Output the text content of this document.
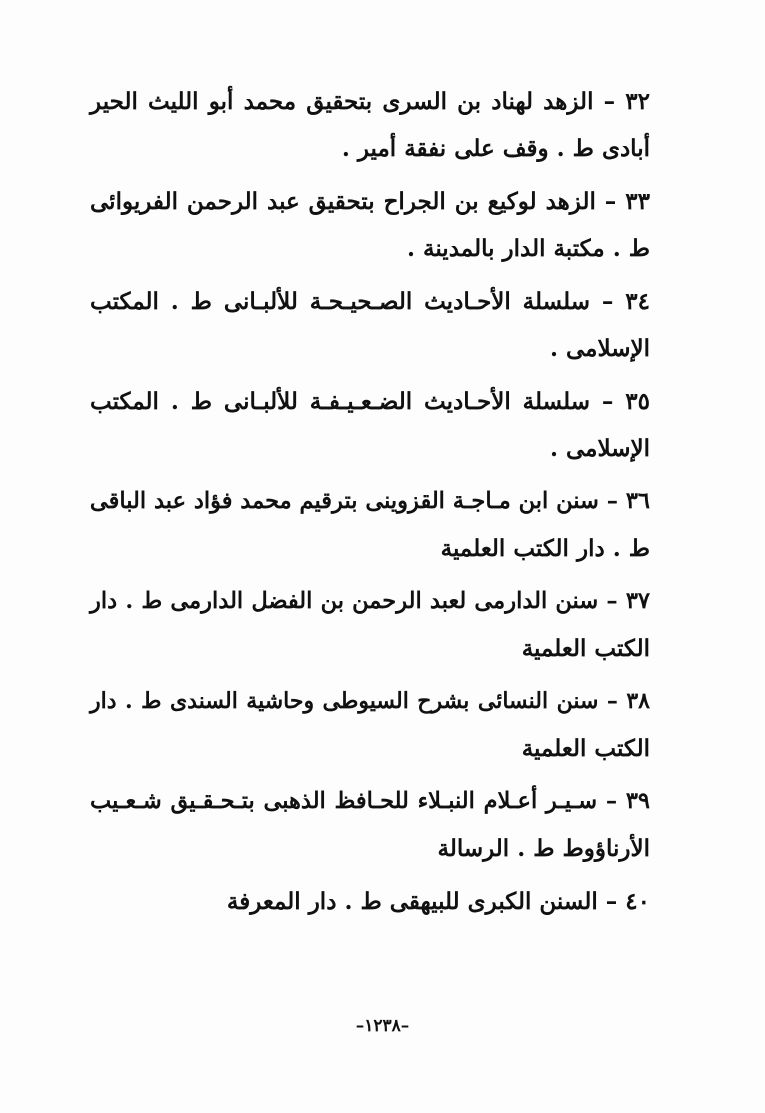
٣٢ – الزهد لهناد بن السرى بتحقيق محمد أبو الليث الحير
أبادى ط . وقف على نفقة أمير .
٣٣ – الزهد لوكيع بن الجراح بتحقيق عبد الرحمن الفريوائى
ط . مكتبة الدار بالمدينة .
٣٤ – سلسلة الأحـاديث الصـحيـحـة للألبـانى ط . المكتب
الإسلامى .
٣٥ – سلسلة الأحـاديث الضـعـيـفـة للألبـانى ط . المكتب
الإسلامى .
٣٦ – سنن ابن مـاجـة القزوينى بترقيم محمد فؤاد عبد الباقى
ط . دار الكتب العلمية
٣٧ – سنن الدارمى لعبد الرحمن بن الفضل الدارمى ط . دار
الكتب العلمية
٣٨ – سنن النسائى بشرح السيوطى وحاشية السندى ط . دار
الكتب العلمية
٣٩ – سـيـر أعـلام النبـلاء للحـافظ الذهبى بتـحـقـيق شـعـيب
الأرناؤوط ط . الرسالة
٤٠ – السنن الكبرى للبيهقى ط . دار المعرفة
–١٢٣٨–
